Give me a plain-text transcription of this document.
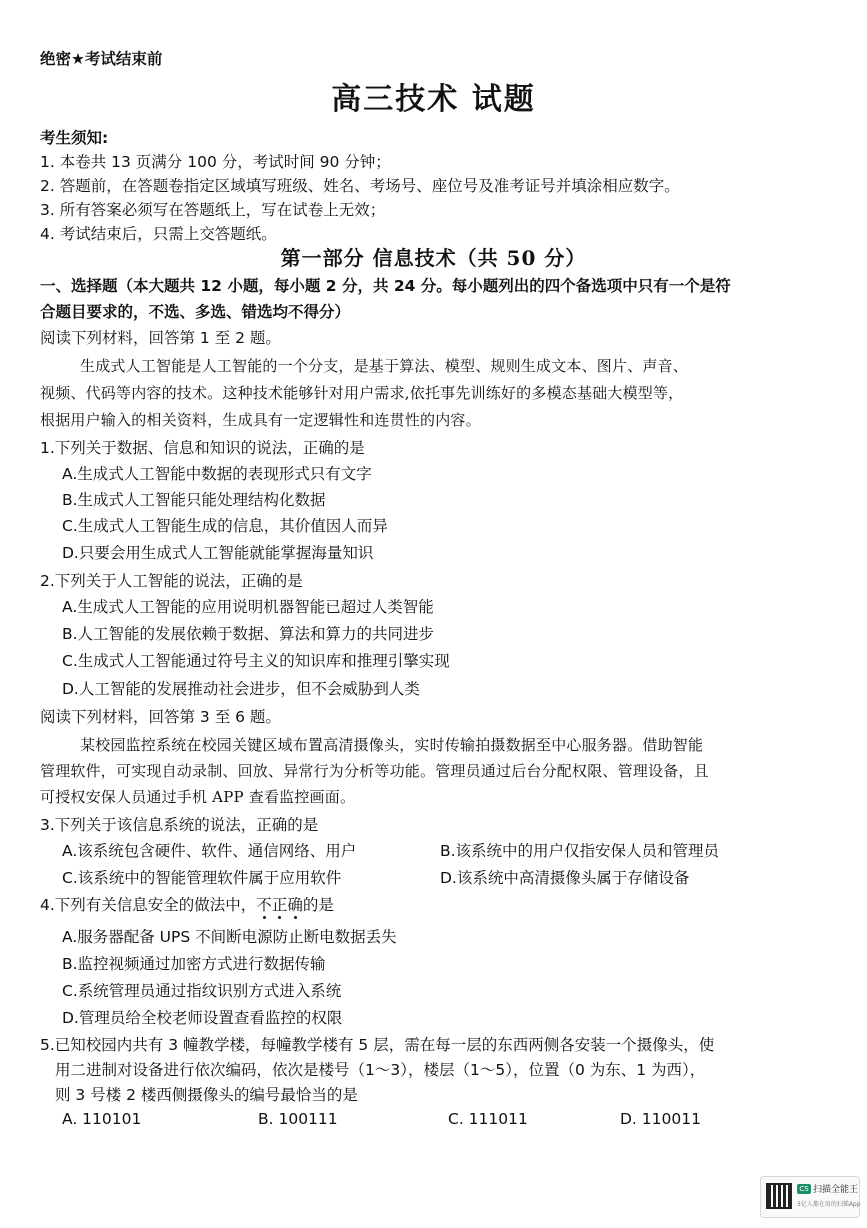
绝密★考试结束前
高三技术 试题
考生须知:
1. 本卷共 13 页满分 100 分，考试时间 90 分钟；
2. 答题前，在答题卷指定区域填写班级、姓名、考场号、座位号及准考证号并填涂相应数字。
3. 所有答案必须写在答题纸上，写在试卷上无效；
4. 考试结束后，只需上交答题纸。
第一部分 信息技术（共 50 分）
一、选择题（本大题共 12 小题，每小题 2 分，共 24 分。每小题列出的四个备选项中只有一个是符
合题目要求的，不选、多选、错选均不得分）
阅读下列材料，回答第 1 至 2 题。
生成式人工智能是人工智能的一个分支，是基于算法、模型、规则生成文本、图片、声音、
视频、代码等内容的技术。这种技术能够针对用户需求,依托事先训练好的多模态基础大模型等，
根据用户输入的相关资料，生成具有一定逻辑性和连贯性的内容。
1.下列关于数据、信息和知识的说法，正确的是
A.生成式人工智能中数据的表现形式只有文字
B.生成式人工智能只能处理结构化数据
C.生成式人工智能生成的信息，其价值因人而异
D.只要会用生成式人工智能就能掌握海量知识
2.下列关于人工智能的说法，正确的是
A.生成式人工智能的应用说明机器智能已超过人类智能
B.人工智能的发展依赖于数据、算法和算力的共同进步
C.生成式人工智能通过符号主义的知识库和推理引擎实现
D.人工智能的发展推动社会进步，但不会威胁到人类
阅读下列材料，回答第 3 至 6 题。
某校园监控系统在校园关键区域布置高清摄像头，实时传输拍摄数据至中心服务器。借助智能
管理软件，可实现自动录制、回放、异常行为分析等功能。管理员通过后台分配权限、管理设备，且
可授权安保人员通过手机 APP 查看监控画面。
3.下列关于该信息系统的说法，正确的是
A.该系统包含硬件、软件、通信网络、用户	B.该系统中的用户仅指安保人员和管理员
C.该系统中的智能管理软件属于应用软件	D.该系统中高清摄像头属于存储设备
4.下列有关信息安全的做法中，不正确的是
A.服务器配备 UPS 不间断电源防止断电数据丢失
B.监控视频通过加密方式进行数据传输
C.系统管理员通过指纹识别方式进入系统
D.管理员给全校老师设置查看监控的权限
5.已知校园内共有 3 幢教学楼，每幢教学楼有 5 层，需在每一层的东西两侧各安装一个摄像头，使
用二进制对设备进行依次编码，依次是楼号（1～3），楼层（1～5），位置（0 为东、1 为西），
则 3 号楼 2 楼西侧摄像头的编号最恰当的是
A. 110101	B. 100111	C. 111011	D. 110011
CS 扫描全能王
3亿人都在用的扫描App
